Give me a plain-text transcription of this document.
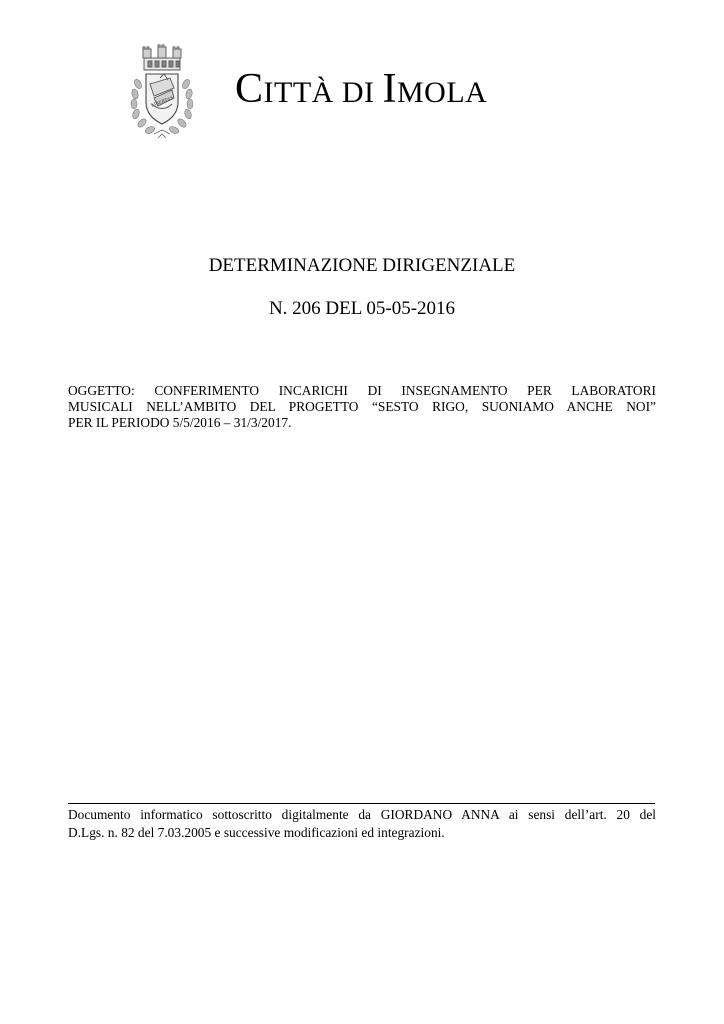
LIBERTAS CITTÀ DI IMOLA
DETERMINAZIONE DIRIGENZIALE
N. 206 DEL 05-05-2016
OGGETTO: CONFERIMENTO INCARICHI DI INSEGNAMENTO PER LABORATORI
MUSICALI NELL’AMBITO DEL PROGETTO “SESTO RIGO, SUONIAMO ANCHE NOI”
PER IL PERIODO 5/5/2016 – 31/3/2017.
Documento informatico sottoscritto digitalmente da GIORDANO ANNA ai sensi dell’art. 20 del
D.Lgs. n. 82 del 7.03.2005 e successive modificazioni ed integrazioni.
